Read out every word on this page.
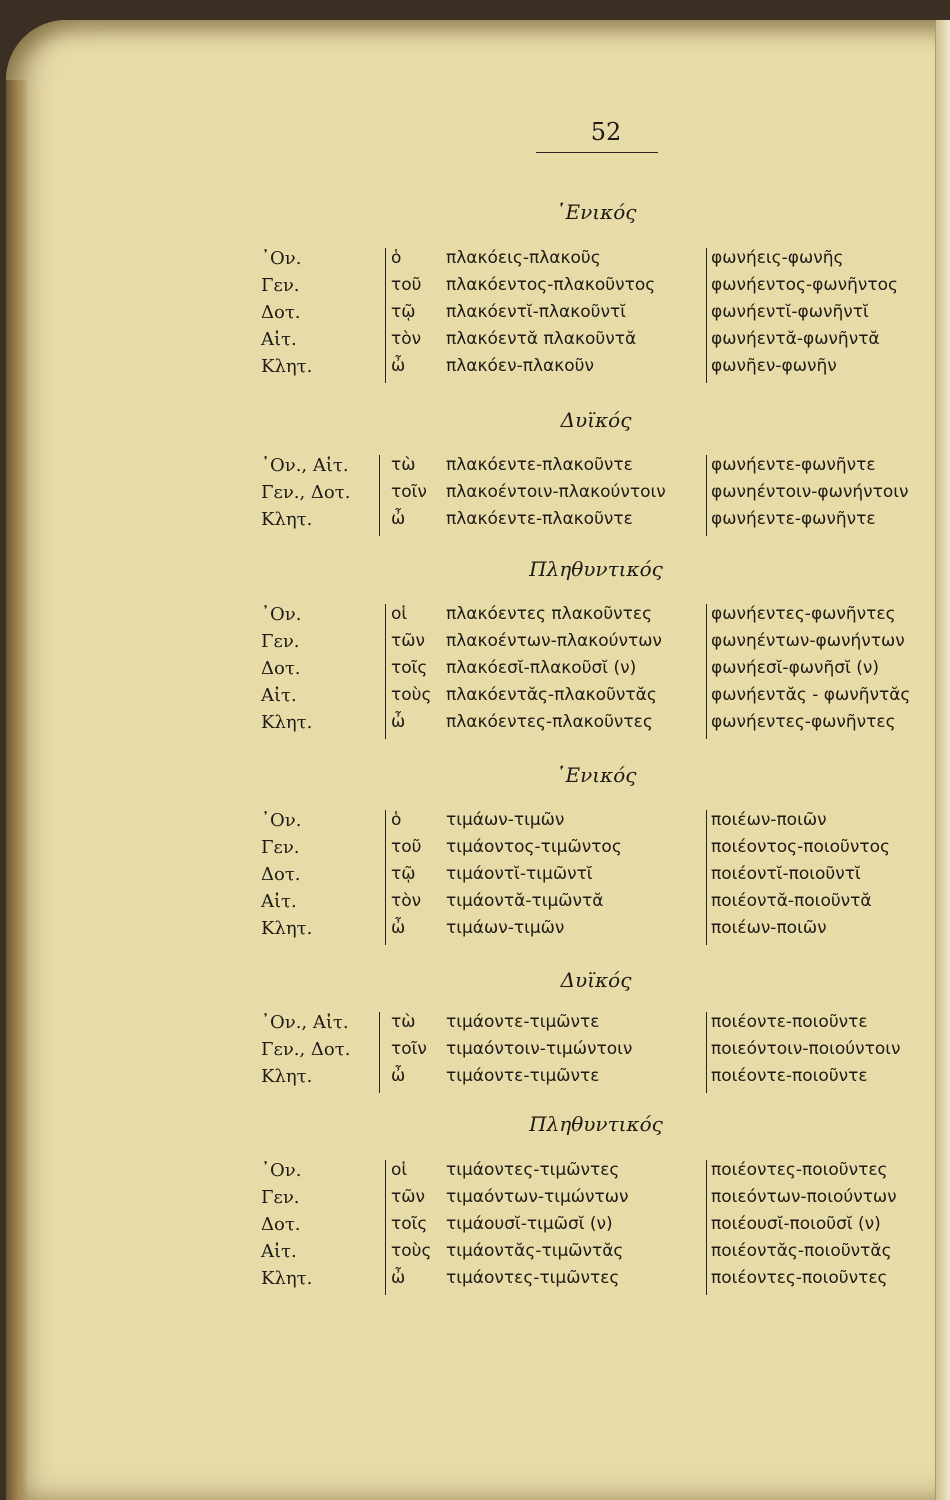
52
῾Ενικός
᾿Ον.	ὁ	πλακόεις-πλακοῦς	φωνήεις-φωνῆς
Γεν.	τοῦ πλακόεντος-πλακοῦντος	φωνήεντος-φωνῆντος
Δοτ.	τῷ πλακόεντῐ-πλακοῦντῐ	φωνήεντῐ-φωνῆντῐ
Αἰτ.	τὸν πλακόεντᾰ πλακοῦντᾰ	φωνήεντᾰ-φωνῆντᾰ
Κλητ.	ὦ πλακόεν-πλακοῦν	φωνῆεν-φωνῆν
Δυϊκός
᾿Ον., Αἰτ. τὼ πλακόεντε-πλακοῦντε	φωνήεντε-φωνῆντε
Γεν., Δοτ. τοῖν πλακοέντοιν-πλακούντοιν	φωνηέντοιν-φωνήντοιν
Κλητ.	ὦ πλακόεντε-πλακοῦντε	φωνήεντε-φωνῆντε
Πληθυντικός
᾿Ον.	οἱ πλακόεντες πλακοῦντες	φωνήεντες-φωνῆντες
Γεν.	τῶν πλακοέντων-πλακούντων	φωνηέντων-φωνήντων
Δοτ.	τοῖς πλακόεσῐ-πλακοῦσῐ (ν)	φωνήεσῐ-φωνῆσῐ (ν)
Αἰτ.	τοὺς πλακόεντᾰς-πλακοῦντᾰς	φωνήεντᾰς - φωνῆντᾰς
Κλητ.	ὦ πλακόεντες-πλακοῦντες	φωνήεντες-φωνῆντες
῾Ενικός
᾿Ον.	ὁ	τιμάων-τιμῶν	ποιέων-ποιῶν
Γεν.	τοῦ τιμάοντος-τιμῶντος	ποιέοντος-ποιοῦντος
Δοτ.	τῷ τιμάοντῐ-τιμῶντῐ	ποιέοντῐ-ποιοῦντῐ
Αἰτ.	τὸν τιμάοντᾰ-τιμῶντᾰ	ποιέοντᾰ-ποιοῦντᾰ
Κλητ.	ὦ τιμάων-τιμῶν	ποιέων-ποιῶν
Δυϊκός
᾿Ον., Αἰτ. τὼ τιμάοντε-τιμῶντε	ποιέοντε-ποιοῦντε
Γεν., Δοτ. τοῖν τιμαόντοιν-τιμώντοιν	ποιεόντοιν-ποιούντοιν
Κλητ.	ὦ τιμάοντε-τιμῶντε	ποιέοντε-ποιοῦντε
Πληθυντικός
᾿Ον.	οἱ τιμάοντες-τιμῶντες	ποιέοντες-ποιοῦντες
Γεν.	τῶν τιμαόντων-τιμώντων	ποιεόντων-ποιούντων
Δοτ.	τοῖς τιμάουσῐ-τιμῶσῐ (ν)	ποιέουσῐ-ποιοῦσῐ (ν)
Αἰτ.	τοὺς τιμάοντᾰς-τιμῶντᾰς	ποιέοντᾰς-ποιοῦντᾰς
Κλητ.	ὦ τιμάοντες-τιμῶντες	ποιέοντες-ποιοῦντες
